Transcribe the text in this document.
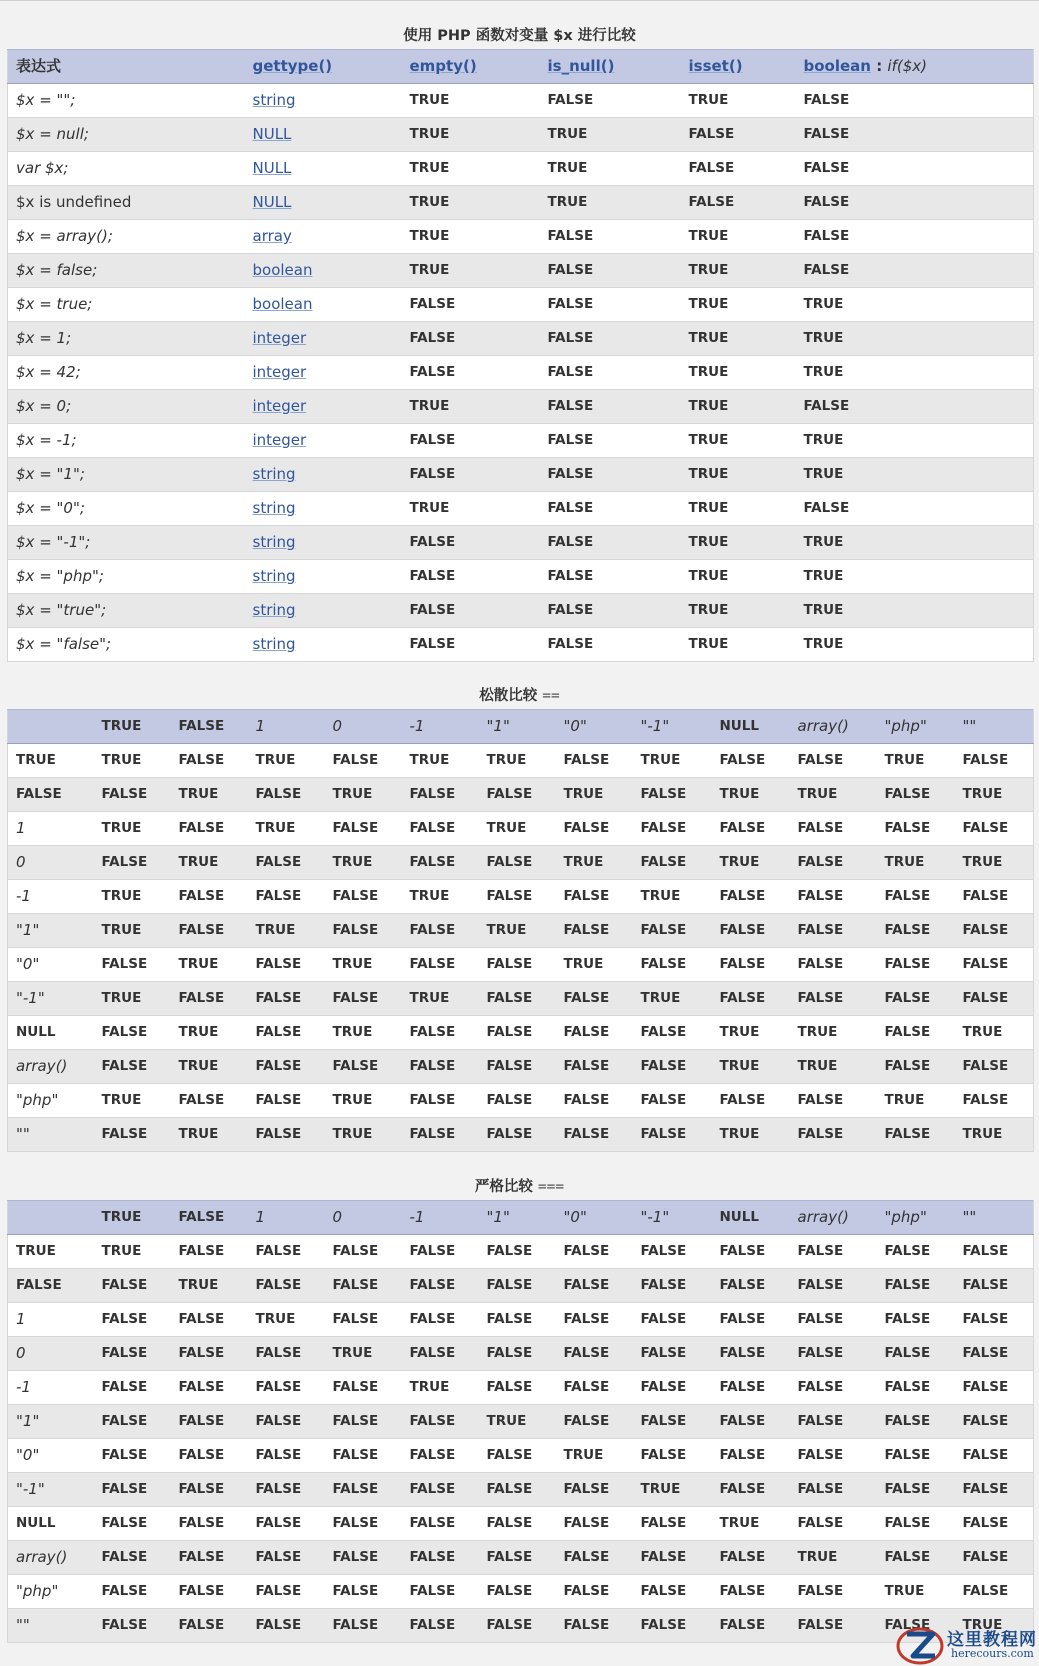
使用 PHP 函数对变量 $x 进行比较
表达式	gettype()	empty()	is_null()	isset()	boolean : if($x)
$x = "";	string	TRUE	FALSE	TRUE	FALSE
$x = null;	NULL	TRUE	TRUE	FALSE	FALSE
var $x;	NULL	TRUE	TRUE	FALSE	FALSE
$x is undefined	NULL	TRUE	TRUE	FALSE	FALSE
$x = array();	array	TRUE	FALSE	TRUE	FALSE
$x = false;	boolean	TRUE	FALSE	TRUE	FALSE
$x = true;	boolean	FALSE	FALSE	TRUE	TRUE
$x = 1;	integer	FALSE	FALSE	TRUE	TRUE
$x = 42;	integer	FALSE	FALSE	TRUE	TRUE
$x = 0;	integer	TRUE	FALSE	TRUE	FALSE
$x = -1;	integer	FALSE	FALSE	TRUE	TRUE
$x = "1";	string	FALSE	FALSE	TRUE	TRUE
$x = "0";	string	TRUE	FALSE	TRUE	FALSE
$x = "-1";	string	FALSE	FALSE	TRUE	TRUE
$x = "php";	string	FALSE	FALSE	TRUE	TRUE
$x = "true";	string	FALSE	FALSE	TRUE	TRUE
$x = "false";	string	FALSE	FALSE	TRUE	TRUE
松散比较 ==
	TRUE	FALSE	1	0	-1	"1"	"0"	"-1"	NULL	array()	"php"	""
TRUE	TRUE	FALSE	TRUE	FALSE	TRUE	TRUE	FALSE	TRUE	FALSE	FALSE	TRUE	FALSE
FALSE	FALSE	TRUE	FALSE	TRUE	FALSE	FALSE	TRUE	FALSE	TRUE	TRUE	FALSE	TRUE
1	TRUE	FALSE	TRUE	FALSE	FALSE	TRUE	FALSE	FALSE	FALSE	FALSE	FALSE	FALSE
0	FALSE	TRUE	FALSE	TRUE	FALSE	FALSE	TRUE	FALSE	TRUE	FALSE	TRUE	TRUE
-1	TRUE	FALSE	FALSE	FALSE	TRUE	FALSE	FALSE	TRUE	FALSE	FALSE	FALSE	FALSE
"1"	TRUE	FALSE	TRUE	FALSE	FALSE	TRUE	FALSE	FALSE	FALSE	FALSE	FALSE	FALSE
"0"	FALSE	TRUE	FALSE	TRUE	FALSE	FALSE	TRUE	FALSE	FALSE	FALSE	FALSE	FALSE
"-1"	TRUE	FALSE	FALSE	FALSE	TRUE	FALSE	FALSE	TRUE	FALSE	FALSE	FALSE	FALSE
NULL	FALSE	TRUE	FALSE	TRUE	FALSE	FALSE	FALSE	FALSE	TRUE	TRUE	FALSE	TRUE
array()	FALSE	TRUE	FALSE	FALSE	FALSE	FALSE	FALSE	FALSE	TRUE	TRUE	FALSE	FALSE
"php"	TRUE	FALSE	FALSE	TRUE	FALSE	FALSE	FALSE	FALSE	FALSE	FALSE	TRUE	FALSE
""	FALSE	TRUE	FALSE	TRUE	FALSE	FALSE	FALSE	FALSE	TRUE	FALSE	FALSE	TRUE
严格比较 ===
	TRUE	FALSE	1	0	-1	"1"	"0"	"-1"	NULL	array()	"php"	""
TRUE	TRUE	FALSE	FALSE	FALSE	FALSE	FALSE	FALSE	FALSE	FALSE	FALSE	FALSE	FALSE
FALSE	FALSE	TRUE	FALSE	FALSE	FALSE	FALSE	FALSE	FALSE	FALSE	FALSE	FALSE	FALSE
1	FALSE	FALSE	TRUE	FALSE	FALSE	FALSE	FALSE	FALSE	FALSE	FALSE	FALSE	FALSE
0	FALSE	FALSE	FALSE	TRUE	FALSE	FALSE	FALSE	FALSE	FALSE	FALSE	FALSE	FALSE
-1	FALSE	FALSE	FALSE	FALSE	TRUE	FALSE	FALSE	FALSE	FALSE	FALSE	FALSE	FALSE
"1"	FALSE	FALSE	FALSE	FALSE	FALSE	TRUE	FALSE	FALSE	FALSE	FALSE	FALSE	FALSE
"0"	FALSE	FALSE	FALSE	FALSE	FALSE	FALSE	TRUE	FALSE	FALSE	FALSE	FALSE	FALSE
"-1"	FALSE	FALSE	FALSE	FALSE	FALSE	FALSE	FALSE	TRUE	FALSE	FALSE	FALSE	FALSE
NULL	FALSE	FALSE	FALSE	FALSE	FALSE	FALSE	FALSE	FALSE	TRUE	FALSE	FALSE	FALSE
array()	FALSE	FALSE	FALSE	FALSE	FALSE	FALSE	FALSE	FALSE	FALSE	TRUE	FALSE	FALSE
"php"	FALSE	FALSE	FALSE	FALSE	FALSE	FALSE	FALSE	FALSE	FALSE	FALSE	TRUE	FALSE
""	FALSE	FALSE	FALSE	FALSE	FALSE	FALSE	FALSE	FALSE	FALSE	FALSE	FALSE	TRUE
这里教程网
herecours.com
